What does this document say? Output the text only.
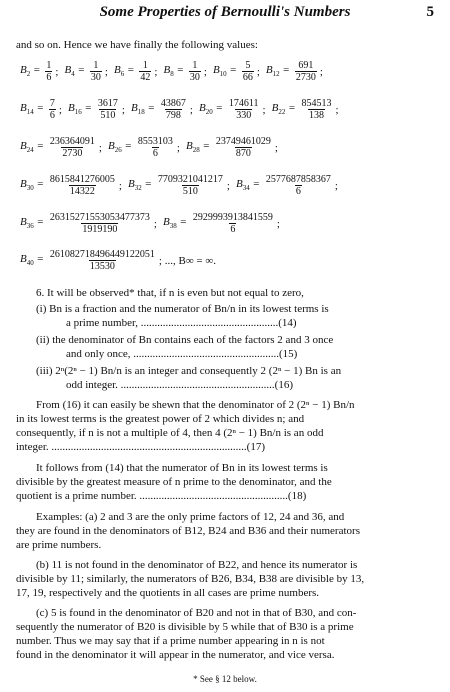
Some Properties of Bernoulli's Numbers	5
and so on. Hence we have finally the following values:
$B_2 = \frac{1}{6}$ ; $B_4 = \frac{1}{30}$ ; $B_6 = \frac{1}{42}$ ; $B_8 = \frac{1}{30}$ ; $B_{10} = \frac{5}{66}$ ; $B_{12} = \frac{691}{2730}$ ;
$B_{14} = \frac{7}{6}$ ; $B_{16} = \frac{3617}{510}$ ; $B_{18} = \frac{43867}{798}$ ; $B_{20} = \frac{174611}{330}$ ; $B_{22} = \frac{854513}{138}$ ;
$B_{24} = \frac{236364091}{2730}$ ; $B_{26} = \frac{8553103}{6}$ ; $B_{28} = \frac{23749461029}{870}$ ;
$B_{30} = \frac{8615841276005}{14322}$ ; $B_{32} = \frac{7709321041217}{510}$ ; $B_{34} = \frac{2577687858367}{6}$ ;
$B_{36} = \frac{26315271553053477373}{1919190}$ ; $B_{38} = \frac{2929993913841559}{6}$ ;
$B_{40} = \frac{261082718496449122051}{13530}$ ; ..., B∞ = ∞.
6. It will be observed* that, if n is even but not equal to zero,
(i) Bn is a fraction and the numerator of Bn/n in its lowest terms is
a prime number, ..................................................(14)
(ii) the denominator of Bn contains each of the factors 2 and 3 once
and only once, .....................................................(15)
(iii) 2ⁿ(2ⁿ − 1) Bn/n is an integer and consequently 2 (2ⁿ − 1) Bn is an
odd integer. ........................................................(16)
From (16) it can easily be shewn that the denominator of 2 (2ⁿ − 1) Bn/n
in its lowest terms is the greatest power of 2 which divides n; and
consequently, if n is not a multiple of 4, then 4 (2ⁿ − 1) Bn/n is an odd
integer. .......................................................................(17)
It follows from (14) that the numerator of Bn in its lowest terms is
divisible by the greatest measure of n prime to the denominator, and the
quotient is a prime number. ......................................................(18)
Examples: (a) 2 and 3 are the only prime factors of 12, 24 and 36, and
they are found in the denominators of B12, B24 and B36 and their numerators
are prime numbers.
(b) 11 is not found in the denominator of B22, and hence its numerator is
divisible by 11; similarly, the numerators of B26, B34, B38 are divisible by 13,
17, 19, respectively and the quotients in all cases are prime numbers.
(c) 5 is found in the denominator of B20 and not in that of B30, and con-
sequently the numerator of B20 is divisible by 5 while that of B30 is a prime
number. Thus we may say that if a prime number appearing in n is not
found in the denominator it will appear in the numerator, and vice versa.
* See § 12 below.
